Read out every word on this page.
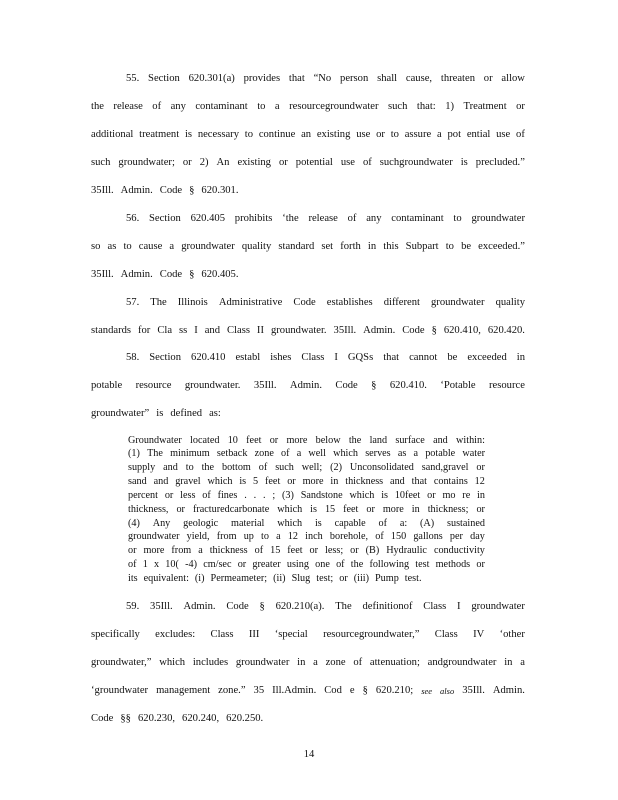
55. Section 620.301(a) provides that “No person shall cause, threaten or allow
the release of any contaminant to a resourcegroundwater such that: 1) Treatment or
additional treatment is necessary to continue an existing use or to assure a pot ential use of
such groundwater; or 2) An existing or potential use of suchgroundwater is precluded.”
35Ill. Admin. Code § 620.301.
56. Section 620.405 prohibits ‘the release of any contaminant to groundwater
so as to cause a groundwater quality standard set forth in this Subpart to be exceeded.”
35Ill. Admin. Code § 620.405.
57. The Illinois Administrative Code establishes different groundwater quality
standards for Cla ss I and Class II groundwater. 35Ill. Admin. Code § 620.410, 620.420.
58. Section 620.410 establ ishes Class I GQSs that cannot be exceeded in
potable resource groundwater. 35Ill. Admin. Code § 620.410. ‘Potable resource
groundwater” is defined as:
Groundwater located 10 feet or more below the land surface and within:
(1) The minimum setback zone of a well which serves as a potable water
supply and to the bottom of such well; (2) Unconsolidated sand,gravel or
sand and gravel which is 5 feet or more in thickness and that contains 12
percent or less of fines . . . ; (3) Sandstone which is 10feet or mo re in
thickness, or fracturedcarbonate which is 15 feet or more in thickness; or
(4) Any geologic material which is capable of a: (A) sustained
groundwater yield, from up to a 12 inch borehole, of 150 gallons per day
or more from a thickness of 15 feet or less; or (B) Hydraulic conductivity
of 1 x 10( -4) cm/sec or greater using one of the following test methods or
its equivalent: (i) Permeameter; (ii) Slug test; or (iii) Pump test.
59. 35Ill. Admin. Code § 620.210(a). The definitionof Class I groundwater
specifically excludes: Class III ‘special resourcegroundwater,” Class IV ‘other
groundwater,” which includes groundwater in a zone of attenuation; andgroundwater in a
‘groundwater management zone.” 35 Ill.Admin. Cod e § 620.210; see also 35Ill. Admin.
Code §§ 620.230, 620.240, 620.250.
14
